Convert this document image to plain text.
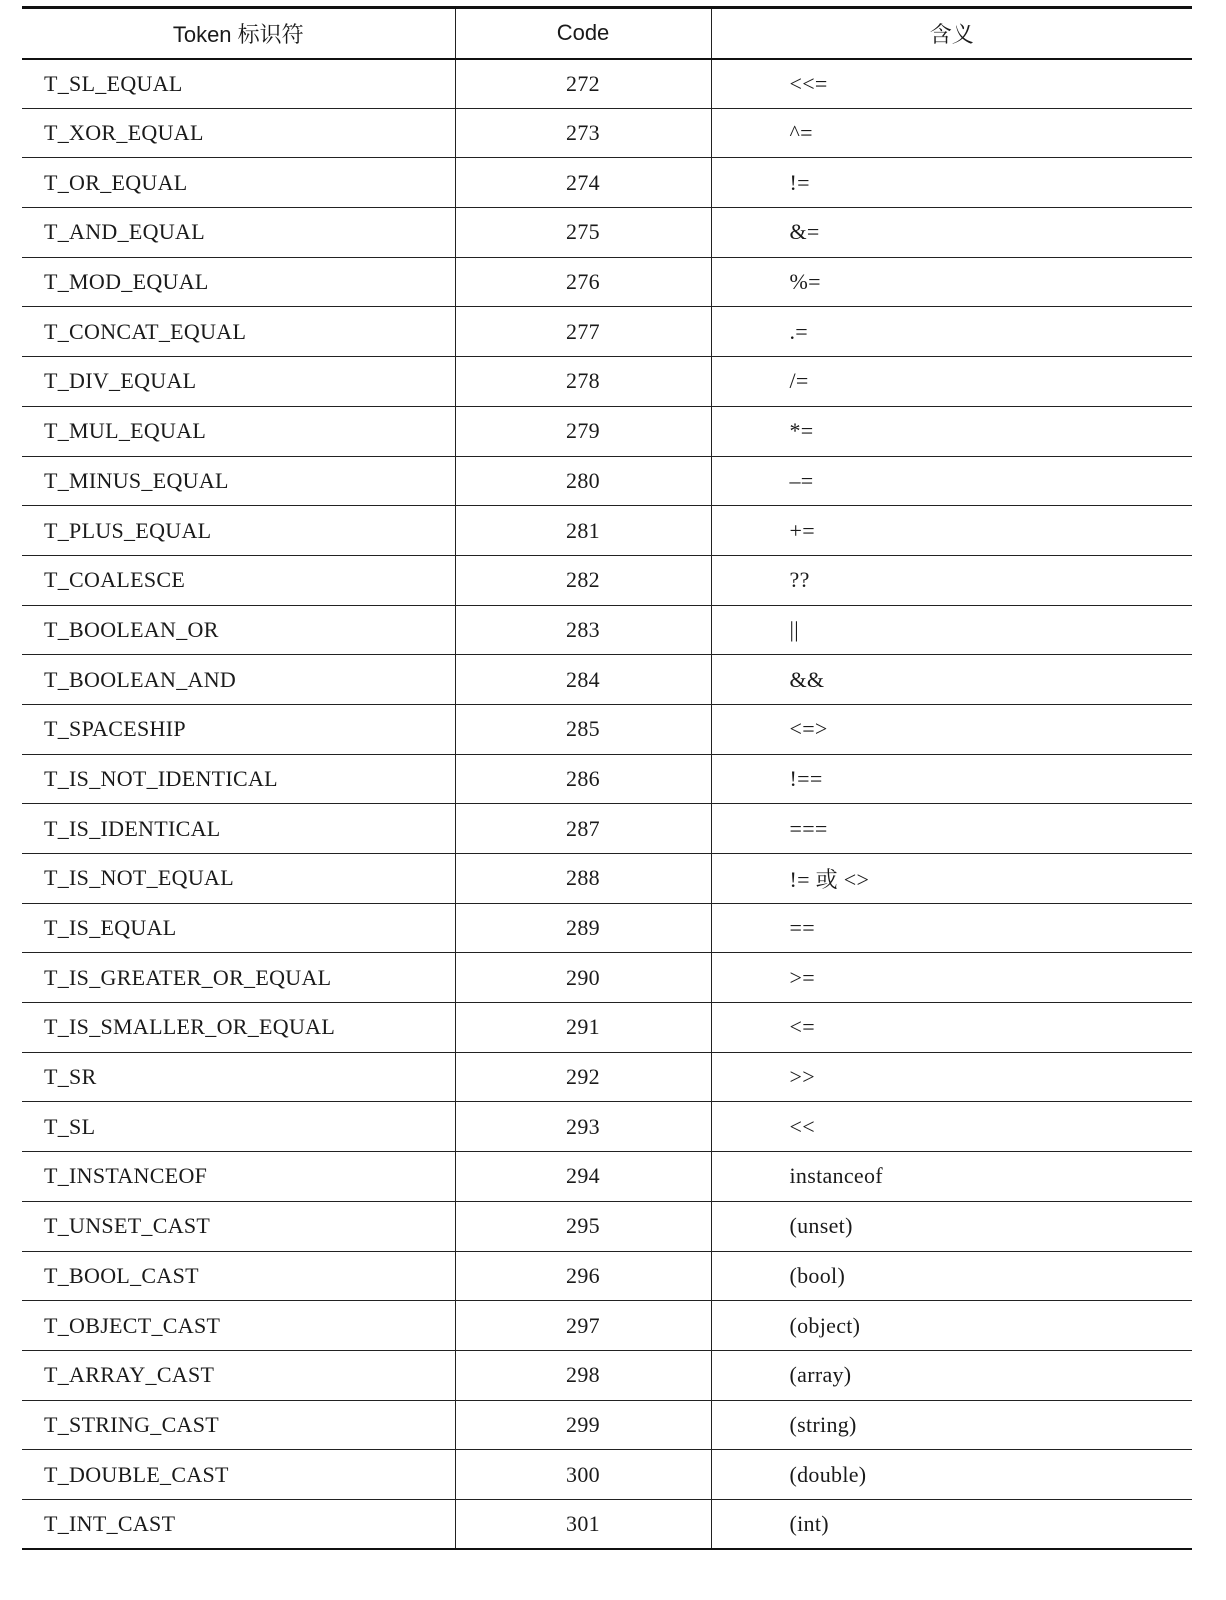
Token 标识符	Code	含义
T_SL_EQUAL	272	<<=
T_XOR_EQUAL	273	^=
T_OR_EQUAL	274	!=
T_AND_EQUAL	275	&=
T_MOD_EQUAL	276	%=
T_CONCAT_EQUAL	277	.=
T_DIV_EQUAL	278	/=
T_MUL_EQUAL	279	*=
T_MINUS_EQUAL	280	–=
T_PLUS_EQUAL	281	+=
T_COALESCE	282	??
T_BOOLEAN_OR	283	||
T_BOOLEAN_AND	284	&&
T_SPACESHIP	285	<=>
T_IS_NOT_IDENTICAL	286	!==
T_IS_IDENTICAL	287	===
T_IS_NOT_EQUAL	288	!= 或 <>
T_IS_EQUAL	289	==
T_IS_GREATER_OR_EQUAL	290	>=
T_IS_SMALLER_OR_EQUAL	291	<=
T_SR	292	>>
T_SL	293	<<
T_INSTANCEOF	294	instanceof
T_UNSET_CAST	295	(unset)
T_BOOL_CAST	296	(bool)
T_OBJECT_CAST	297	(object)
T_ARRAY_CAST	298	(array)
T_STRING_CAST	299	(string)
T_DOUBLE_CAST	300	(double)
T_INT_CAST	301	(int)
